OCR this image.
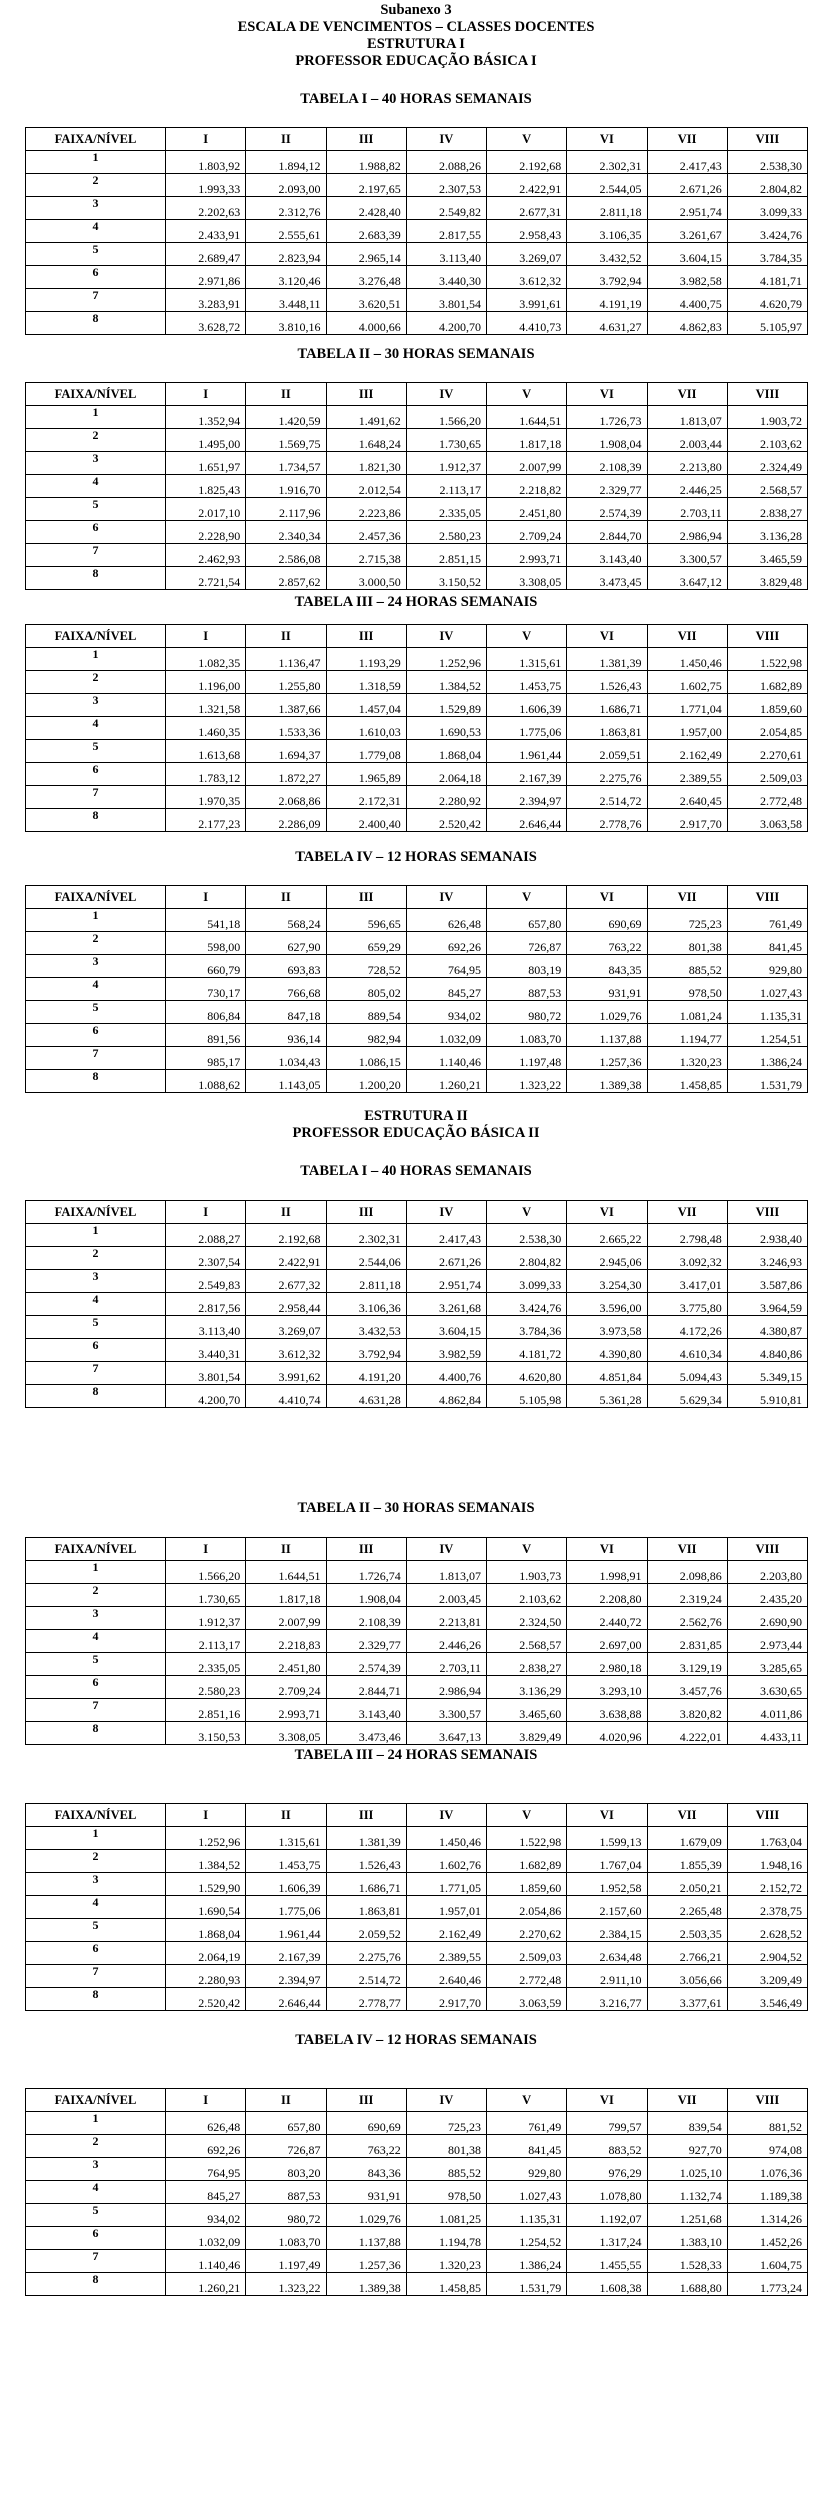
Subanexo 3
ESCALA DE VENCIMENTOS – CLASSES DOCENTES
ESTRUTURA I
PROFESSOR EDUCAÇÃO BÁSICA I
TABELA I – 40 HORAS SEMANAIS
FAIXA/NÍVEL	I	II	III	IV	V	VI	VII	VIII
1	1.803,92	1.894,12	1.988,82	2.088,26	2.192,68	2.302,31	2.417,43	2.538,30
2	1.993,33	2.093,00	2.197,65	2.307,53	2.422,91	2.544,05	2.671,26	2.804,82
3	2.202,63	2.312,76	2.428,40	2.549,82	2.677,31	2.811,18	2.951,74	3.099,33
4	2.433,91	2.555,61	2.683,39	2.817,55	2.958,43	3.106,35	3.261,67	3.424,76
5	2.689,47	2.823,94	2.965,14	3.113,40	3.269,07	3.432,52	3.604,15	3.784,35
6	2.971,86	3.120,46	3.276,48	3.440,30	3.612,32	3.792,94	3.982,58	4.181,71
7	3.283,91	3.448,11	3.620,51	3.801,54	3.991,61	4.191,19	4.400,75	4.620,79
8	3.628,72	3.810,16	4.000,66	4.200,70	4.410,73	4.631,27	4.862,83	5.105,97
TABELA II – 30 HORAS SEMANAIS
FAIXA/NÍVEL	I	II	III	IV	V	VI	VII	VIII
1	1.352,94	1.420,59	1.491,62	1.566,20	1.644,51	1.726,73	1.813,07	1.903,72
2	1.495,00	1.569,75	1.648,24	1.730,65	1.817,18	1.908,04	2.003,44	2.103,62
3	1.651,97	1.734,57	1.821,30	1.912,37	2.007,99	2.108,39	2.213,80	2.324,49
4	1.825,43	1.916,70	2.012,54	2.113,17	2.218,82	2.329,77	2.446,25	2.568,57
5	2.017,10	2.117,96	2.223,86	2.335,05	2.451,80	2.574,39	2.703,11	2.838,27
6	2.228,90	2.340,34	2.457,36	2.580,23	2.709,24	2.844,70	2.986,94	3.136,28
7	2.462,93	2.586,08	2.715,38	2.851,15	2.993,71	3.143,40	3.300,57	3.465,59
8	2.721,54	2.857,62	3.000,50	3.150,52	3.308,05	3.473,45	3.647,12	3.829,48
TABELA III – 24 HORAS SEMANAIS
FAIXA/NÍVEL	I	II	III	IV	V	VI	VII	VIII
1	1.082,35	1.136,47	1.193,29	1.252,96	1.315,61	1.381,39	1.450,46	1.522,98
2	1.196,00	1.255,80	1.318,59	1.384,52	1.453,75	1.526,43	1.602,75	1.682,89
3	1.321,58	1.387,66	1.457,04	1.529,89	1.606,39	1.686,71	1.771,04	1.859,60
4	1.460,35	1.533,36	1.610,03	1.690,53	1.775,06	1.863,81	1.957,00	2.054,85
5	1.613,68	1.694,37	1.779,08	1.868,04	1.961,44	2.059,51	2.162,49	2.270,61
6	1.783,12	1.872,27	1.965,89	2.064,18	2.167,39	2.275,76	2.389,55	2.509,03
7	1.970,35	2.068,86	2.172,31	2.280,92	2.394,97	2.514,72	2.640,45	2.772,48
8	2.177,23	2.286,09	2.400,40	2.520,42	2.646,44	2.778,76	2.917,70	3.063,58
TABELA IV – 12 HORAS SEMANAIS
FAIXA/NÍVEL	I	II	III	IV	V	VI	VII	VIII
1	541,18	568,24	596,65	626,48	657,80	690,69	725,23	761,49
2	598,00	627,90	659,29	692,26	726,87	763,22	801,38	841,45
3	660,79	693,83	728,52	764,95	803,19	843,35	885,52	929,80
4	730,17	766,68	805,02	845,27	887,53	931,91	978,50	1.027,43
5	806,84	847,18	889,54	934,02	980,72	1.029,76	1.081,24	1.135,31
6	891,56	936,14	982,94	1.032,09	1.083,70	1.137,88	1.194,77	1.254,51
7	985,17	1.034,43	1.086,15	1.140,46	1.197,48	1.257,36	1.320,23	1.386,24
8	1.088,62	1.143,05	1.200,20	1.260,21	1.323,22	1.389,38	1.458,85	1.531,79
ESTRUTURA II
PROFESSOR EDUCAÇÃO BÁSICA II
TABELA I – 40 HORAS SEMANAIS
FAIXA/NÍVEL	I	II	III	IV	V	VI	VII	VIII
1	2.088,27	2.192,68	2.302,31	2.417,43	2.538,30	2.665,22	2.798,48	2.938,40
2	2.307,54	2.422,91	2.544,06	2.671,26	2.804,82	2.945,06	3.092,32	3.246,93
3	2.549,83	2.677,32	2.811,18	2.951,74	3.099,33	3.254,30	3.417,01	3.587,86
4	2.817,56	2.958,44	3.106,36	3.261,68	3.424,76	3.596,00	3.775,80	3.964,59
5	3.113,40	3.269,07	3.432,53	3.604,15	3.784,36	3.973,58	4.172,26	4.380,87
6	3.440,31	3.612,32	3.792,94	3.982,59	4.181,72	4.390,80	4.610,34	4.840,86
7	3.801,54	3.991,62	4.191,20	4.400,76	4.620,80	4.851,84	5.094,43	5.349,15
8	4.200,70	4.410,74	4.631,28	4.862,84	5.105,98	5.361,28	5.629,34	5.910,81
TABELA II – 30 HORAS SEMANAIS
FAIXA/NÍVEL	I	II	III	IV	V	VI	VII	VIII
1	1.566,20	1.644,51	1.726,74	1.813,07	1.903,73	1.998,91	2.098,86	2.203,80
2	1.730,65	1.817,18	1.908,04	2.003,45	2.103,62	2.208,80	2.319,24	2.435,20
3	1.912,37	2.007,99	2.108,39	2.213,81	2.324,50	2.440,72	2.562,76	2.690,90
4	2.113,17	2.218,83	2.329,77	2.446,26	2.568,57	2.697,00	2.831,85	2.973,44
5	2.335,05	2.451,80	2.574,39	2.703,11	2.838,27	2.980,18	3.129,19	3.285,65
6	2.580,23	2.709,24	2.844,71	2.986,94	3.136,29	3.293,10	3.457,76	3.630,65
7	2.851,16	2.993,71	3.143,40	3.300,57	3.465,60	3.638,88	3.820,82	4.011,86
8	3.150,53	3.308,05	3.473,46	3.647,13	3.829,49	4.020,96	4.222,01	4.433,11
TABELA III – 24 HORAS SEMANAIS
FAIXA/NÍVEL	I	II	III	IV	V	VI	VII	VIII
1	1.252,96	1.315,61	1.381,39	1.450,46	1.522,98	1.599,13	1.679,09	1.763,04
2	1.384,52	1.453,75	1.526,43	1.602,76	1.682,89	1.767,04	1.855,39	1.948,16
3	1.529,90	1.606,39	1.686,71	1.771,05	1.859,60	1.952,58	2.050,21	2.152,72
4	1.690,54	1.775,06	1.863,81	1.957,01	2.054,86	2.157,60	2.265,48	2.378,75
5	1.868,04	1.961,44	2.059,52	2.162,49	2.270,62	2.384,15	2.503,35	2.628,52
6	2.064,19	2.167,39	2.275,76	2.389,55	2.509,03	2.634,48	2.766,21	2.904,52
7	2.280,93	2.394,97	2.514,72	2.640,46	2.772,48	2.911,10	3.056,66	3.209,49
8	2.520,42	2.646,44	2.778,77	2.917,70	3.063,59	3.216,77	3.377,61	3.546,49
TABELA IV – 12 HORAS SEMANAIS
FAIXA/NÍVEL	I	II	III	IV	V	VI	VII	VIII
1	626,48	657,80	690,69	725,23	761,49	799,57	839,54	881,52
2	692,26	726,87	763,22	801,38	841,45	883,52	927,70	974,08
3	764,95	803,20	843,36	885,52	929,80	976,29	1.025,10	1.076,36
4	845,27	887,53	931,91	978,50	1.027,43	1.078,80	1.132,74	1.189,38
5	934,02	980,72	1.029,76	1.081,25	1.135,31	1.192,07	1.251,68	1.314,26
6	1.032,09	1.083,70	1.137,88	1.194,78	1.254,52	1.317,24	1.383,10	1.452,26
7	1.140,46	1.197,49	1.257,36	1.320,23	1.386,24	1.455,55	1.528,33	1.604,75
8	1.260,21	1.323,22	1.389,38	1.458,85	1.531,79	1.608,38	1.688,80	1.773,24
